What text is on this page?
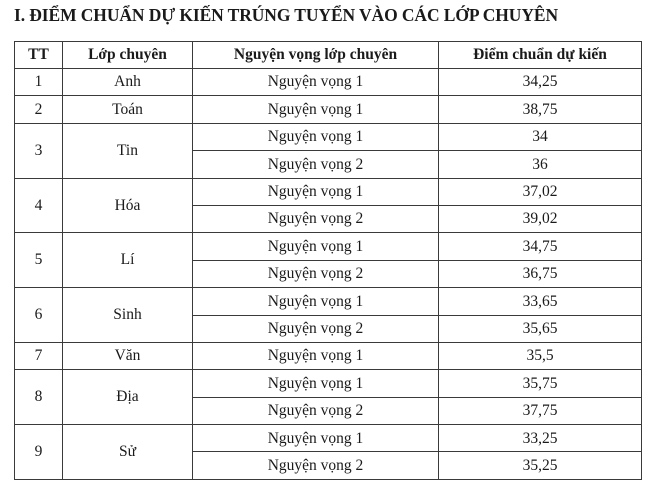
I. ĐIỂM CHUẨN DỰ KIẾN TRÚNG TUYỂN VÀO CÁC LỚP CHUYÊN
TT	Lớp chuyên	Nguyện vọng lớp chuyên	Điểm chuẩn dự kiến
1	Anh	Nguyện vọng 1	34,25
2	Toán	Nguyện vọng 1	38,75
3	Tin	Nguyện vọng 1	34
		Nguyện vọng 2	36
4	Hóa	Nguyện vọng 1	37,02
		Nguyện vọng 2	39,02
5	Lí	Nguyện vọng 1	34,75
		Nguyện vọng 2	36,75
6	Sinh	Nguyện vọng 1	33,65
		Nguyện vọng 2	35,65
7	Văn	Nguyện vọng 1	35,5
8	Địa	Nguyện vọng 1	35,75
		Nguyện vọng 2	37,75
9	Sử	Nguyện vọng 1	33,25
		Nguyện vọng 2	35,25
